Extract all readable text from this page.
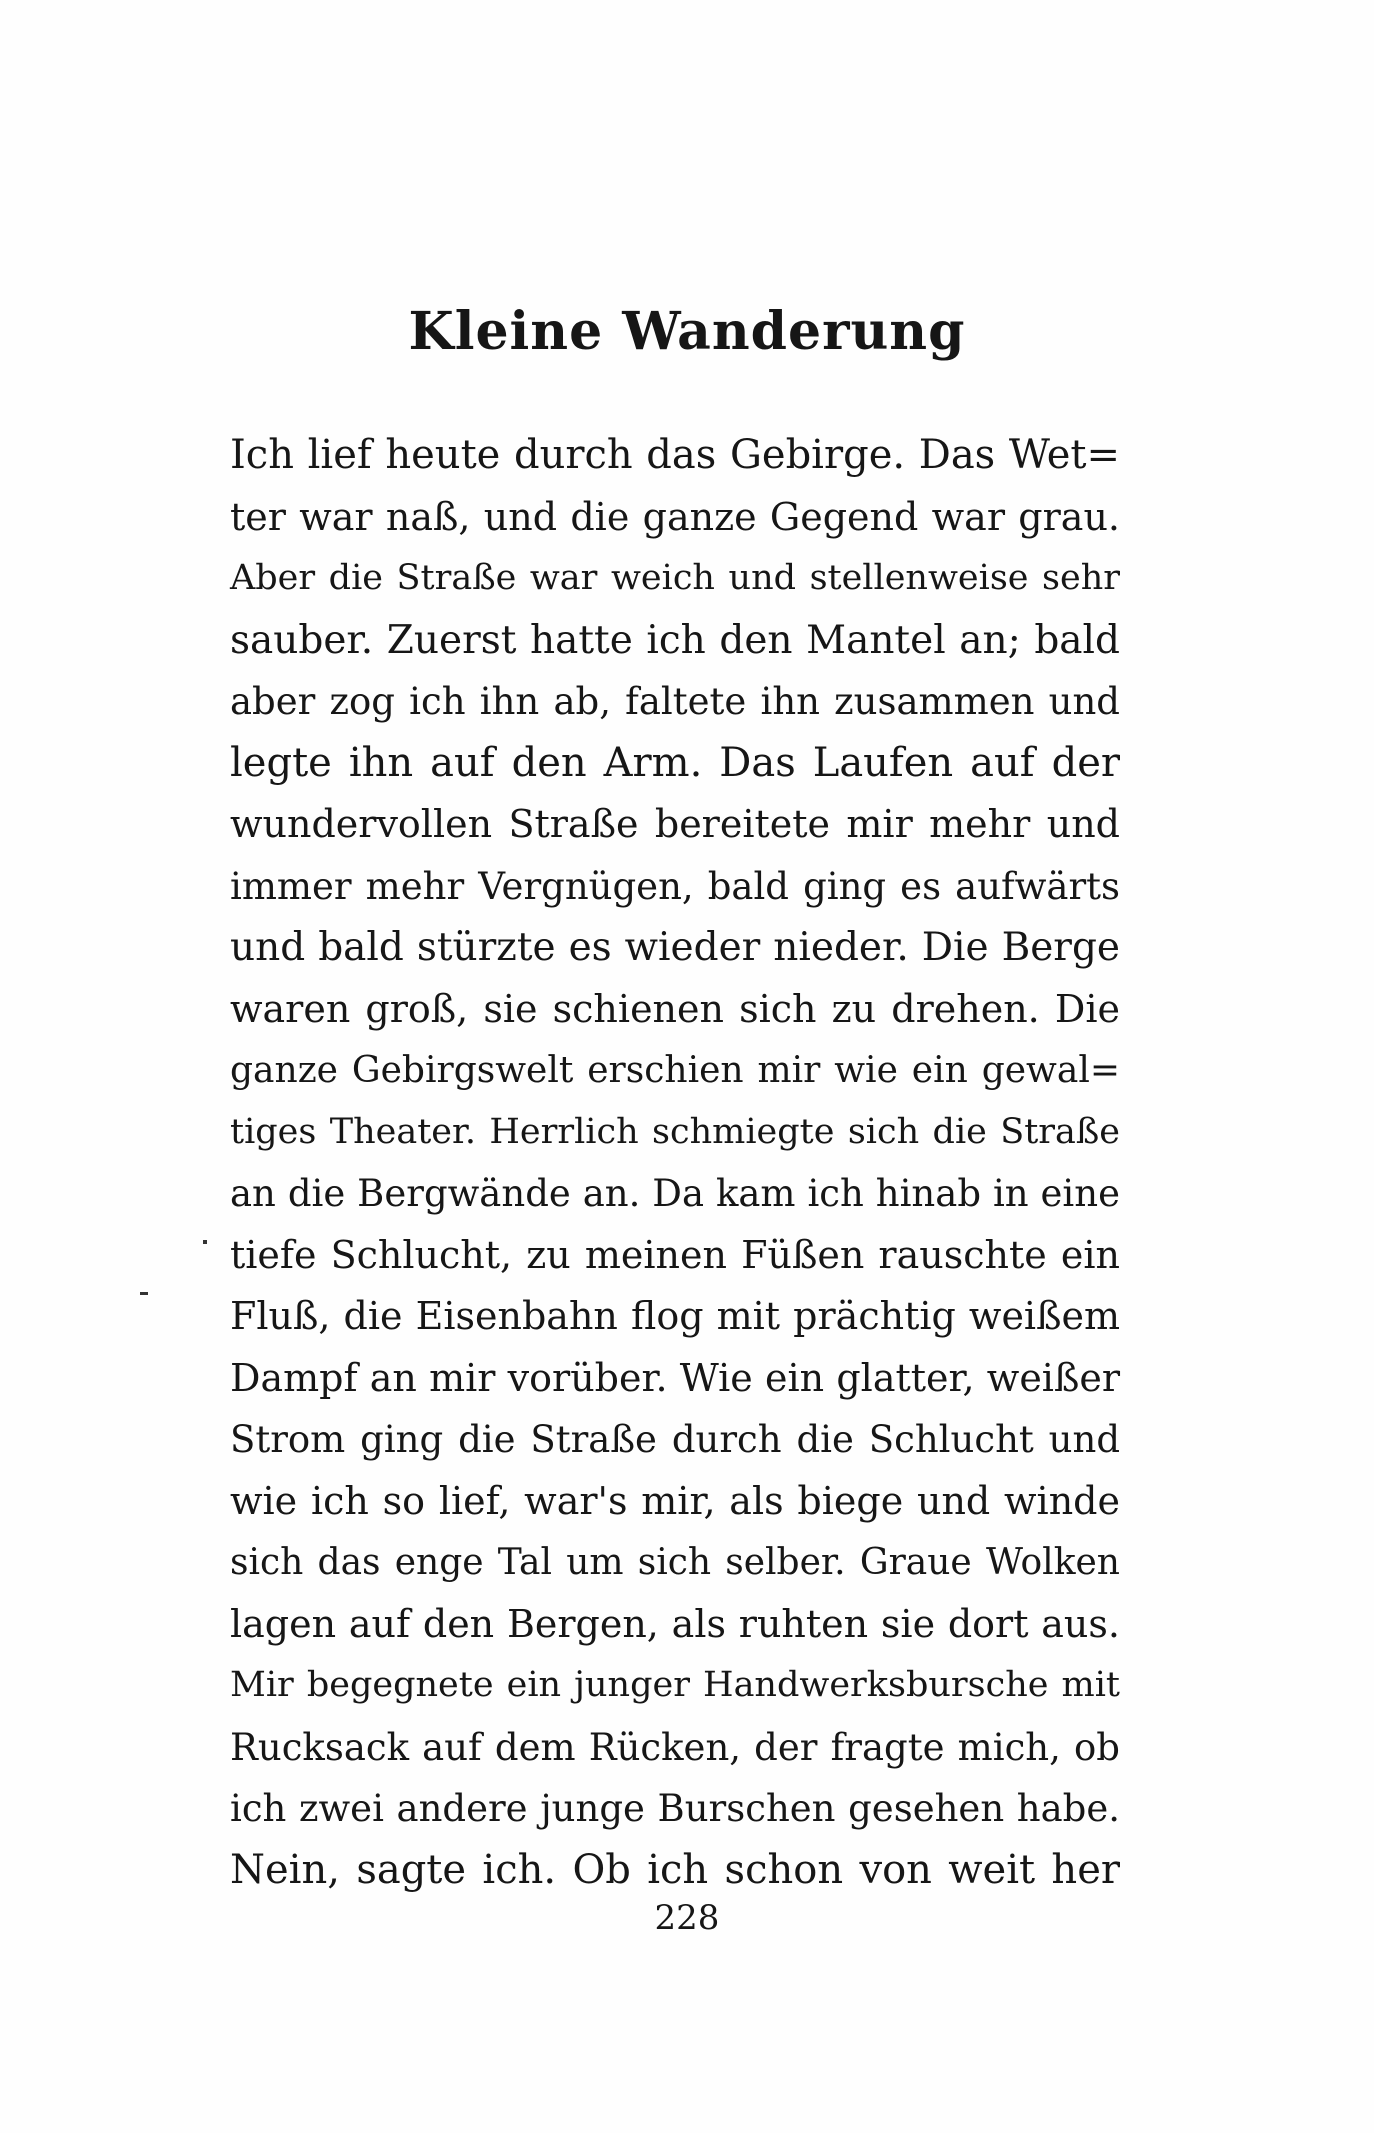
Kleine Wanderung
Ich lief heute durch das Gebirge. Das Wet=
ter war naß, und die ganze Gegend war grau.
Aber die Straße war weich und stellenweise sehr
sauber. Zuerst hatte ich den Mantel an; bald
aber zog ich ihn ab, faltete ihn zusammen und
legte ihn auf den Arm. Das Laufen auf der
wundervollen Straße bereitete mir mehr und
immer mehr Vergnügen, bald ging es aufwärts
und bald stürzte es wieder nieder. Die Berge
waren groß, sie schienen sich zu drehen. Die
ganze Gebirgswelt erschien mir wie ein gewal=
tiges Theater. Herrlich schmiegte sich die Straße
an die Bergwände an. Da kam ich hinab in eine
tiefe Schlucht, zu meinen Füßen rauschte ein
Fluß, die Eisenbahn flog mit prächtig weißem
Dampf an mir vorüber. Wie ein glatter, weißer
Strom ging die Straße durch die Schlucht und
wie ich so lief, war's mir, als biege und winde
sich das enge Tal um sich selber. Graue Wolken
lagen auf den Bergen, als ruhten sie dort aus.
Mir begegnete ein junger Handwerksbursche mit
Rucksack auf dem Rücken, der fragte mich, ob
ich zwei andere junge Burschen gesehen habe.
Nein, sagte ich. Ob ich schon von weit her
228
